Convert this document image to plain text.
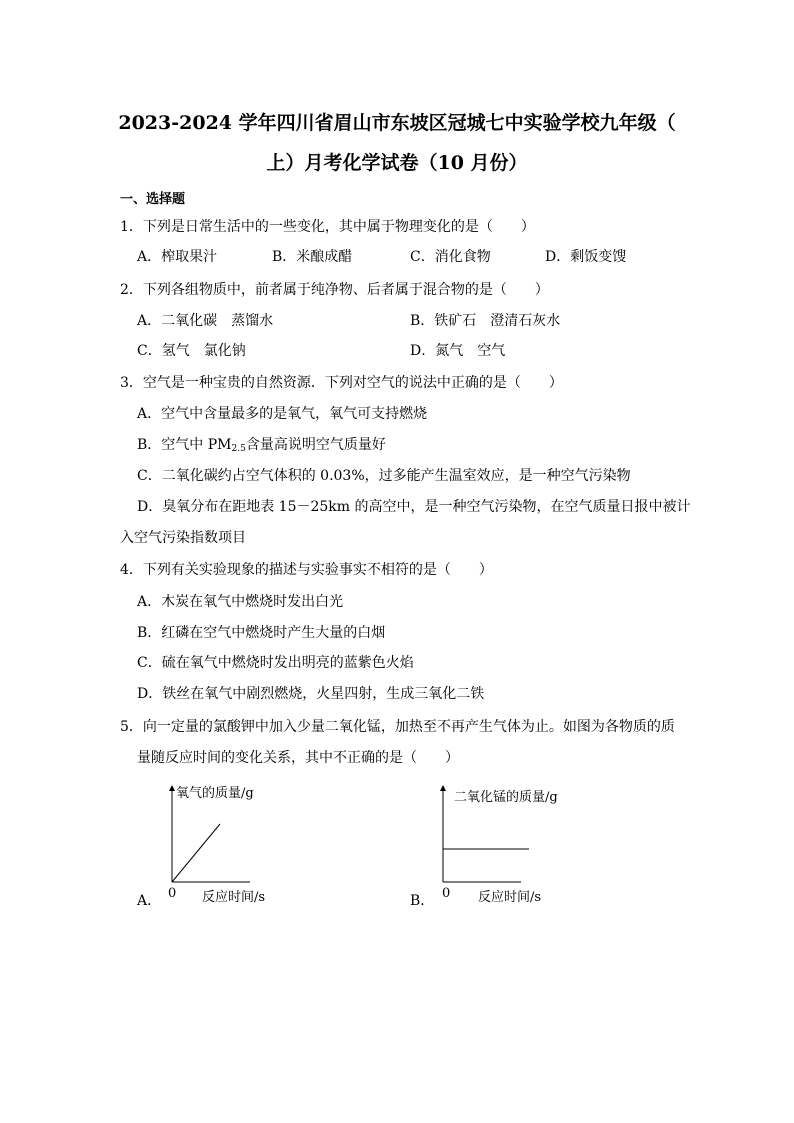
2023-2024 学年四川省眉山市东坡区冠城七中实验学校九年级（
上）月考化学试卷（10 月份）
一、选择题
1．下列是日常生活中的一些变化，其中属于物理变化的是（　　）
A．榨取果汁	B．米酿成醋	C．消化食物	D．剩饭变馊
2．下列各组物质中，前者属于纯净物、后者属于混合物的是（　　）
A．二氧化碳　蒸馏水	B．铁矿石　澄清石灰水
C．氢气　氯化钠	D．氮气　空气
3．空气是一种宝贵的自然资源．下列对空气的说法中正确的是（　　）
A．空气中含量最多的是氧气，氧气可支持燃烧
B．空气中 $PM_{2.5}$含量高说明空气质量好
C．二氧化碳约占空气体积的 0.03%，过多能产生温室效应，是一种空气污染物
D．臭氧分布在距地表 15－25km 的高空中，是一种空气污染物，在空气质量日报中被计
入空气污染指数项目
4．下列有关实验现象的描述与实验事实不相符的是（　　）
A．木炭在氧气中燃烧时发出白光
B．红磷在空气中燃烧时产生大量的白烟
C．硫在氧气中燃烧时发出明亮的蓝紫色火焰
D．铁丝在氧气中剧烈燃烧，火星四射，生成三氧化二铁
5．向一定量的氯酸钾中加入少量二氧化锰，加热至不再产生气体为止。如图为各物质的质
量随反应时间的变化关系，其中不正确的是（　　）
氧气的质量/g
0 反应时间/s
A．
二氧化锰的质量/g
0 反应时间/s
B．
